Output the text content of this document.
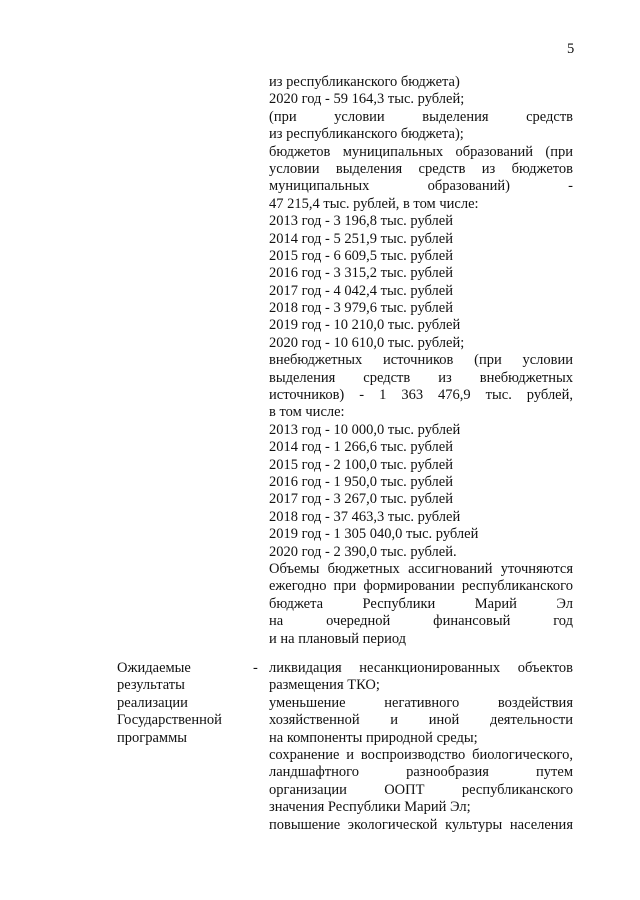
5
из республиканского бюджета)
2020 год - 59 164,3 тыс. рублей;
(при условии выделения средств
из республиканского бюджета);
бюджетов муниципальных образований (при
условии выделения средств из бюджетов
муниципальных образований) -
47 215,4 тыс. рублей, в том числе:
2013 год - 3 196,8 тыс. рублей
2014 год - 5 251,9 тыс. рублей
2015 год - 6 609,5 тыс. рублей
2016 год - 3 315,2 тыс. рублей
2017 год - 4 042,4 тыс. рублей
2018 год - 3 979,6 тыс. рублей
2019 год - 10 210,0 тыс. рублей
2020 год - 10 610,0 тыс. рублей;
внебюджетных источников (при условии
выделения средств из внебюджетных
источников) - 1 363 476,9 тыс. рублей,
в том числе:
2013 год - 10 000,0 тыс. рублей
2014 год - 1 266,6 тыс. рублей
2015 год - 2 100,0 тыс. рублей
2016 год - 1 950,0 тыс. рублей
2017 год - 3 267,0 тыс. рублей
2018 год - 37 463,3 тыс. рублей
2019 год - 1 305 040,0 тыс. рублей
2020 год - 2 390,0 тыс. рублей.
Объемы бюджетных ассигнований уточняются
ежегодно при формировании республиканского
бюджета Республики Марий Эл
на очередной финансовый год
и на плановый период
Ожидаемые
результаты
реализации
Государственной
программы
- ликвидация несанкционированных объектов
размещения ТКО;
уменьшение негативного воздействия
хозяйственной и иной деятельности
на компоненты природной среды;
сохранение и воспроизводство биологического,
ландшафтного разнообразия путем
организации ООПТ республиканского
значения Республики Марий Эл;
повышение экологической культуры населения
